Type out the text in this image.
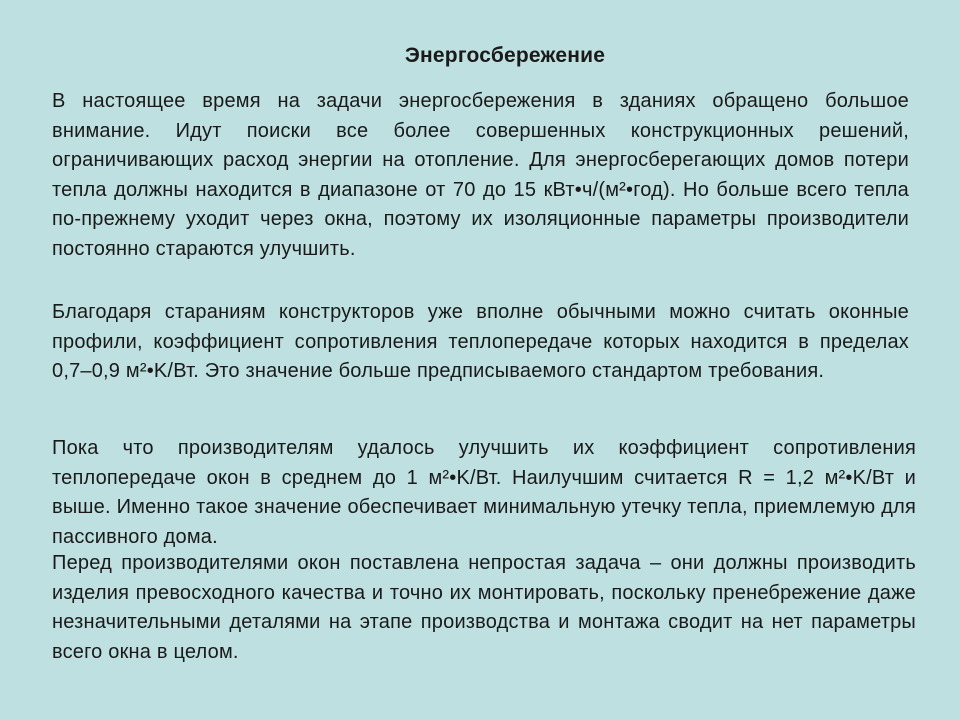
Энергосбережение
В настоящее время на задачи энергосбережения в зданиях обращено большое внимание. Идут поиски все более совершенных конструкционных решений, ограничивающих расход энергии на отопление. Для энергосберегающих домов потери тепла должны находится в диапазоне от 70 до 15 кВт•ч/(м²•год). Но больше всего тепла по-прежнему уходит через окна, поэтому их изоляционные параметры производители постоянно стараются улучшить.
Благодаря стараниям конструкторов уже вполне обычными можно считать оконные профили, коэффициент сопротивления теплопередаче которых находится в пределах 0,7–0,9 м²•K/Вт. Это значение больше предписываемого стандартом требования.
Пока что производителям удалось улучшить их коэффициент сопротивления теплопередаче окон в среднем до 1 м²•K/Вт. Наилучшим считается R = 1,2 м²•K/Вт и выше. Именно такое значение обеспечивает минимальную утечку тепла, приемлемую для пассивного дома.
Перед производителями окон поставлена непростая задача – они должны производить изделия превосходного качества и точно их монтировать, поскольку пренебрежение даже незначительными деталями на этапе производства и монтажа сводит на нет параметры всего окна в целом.
